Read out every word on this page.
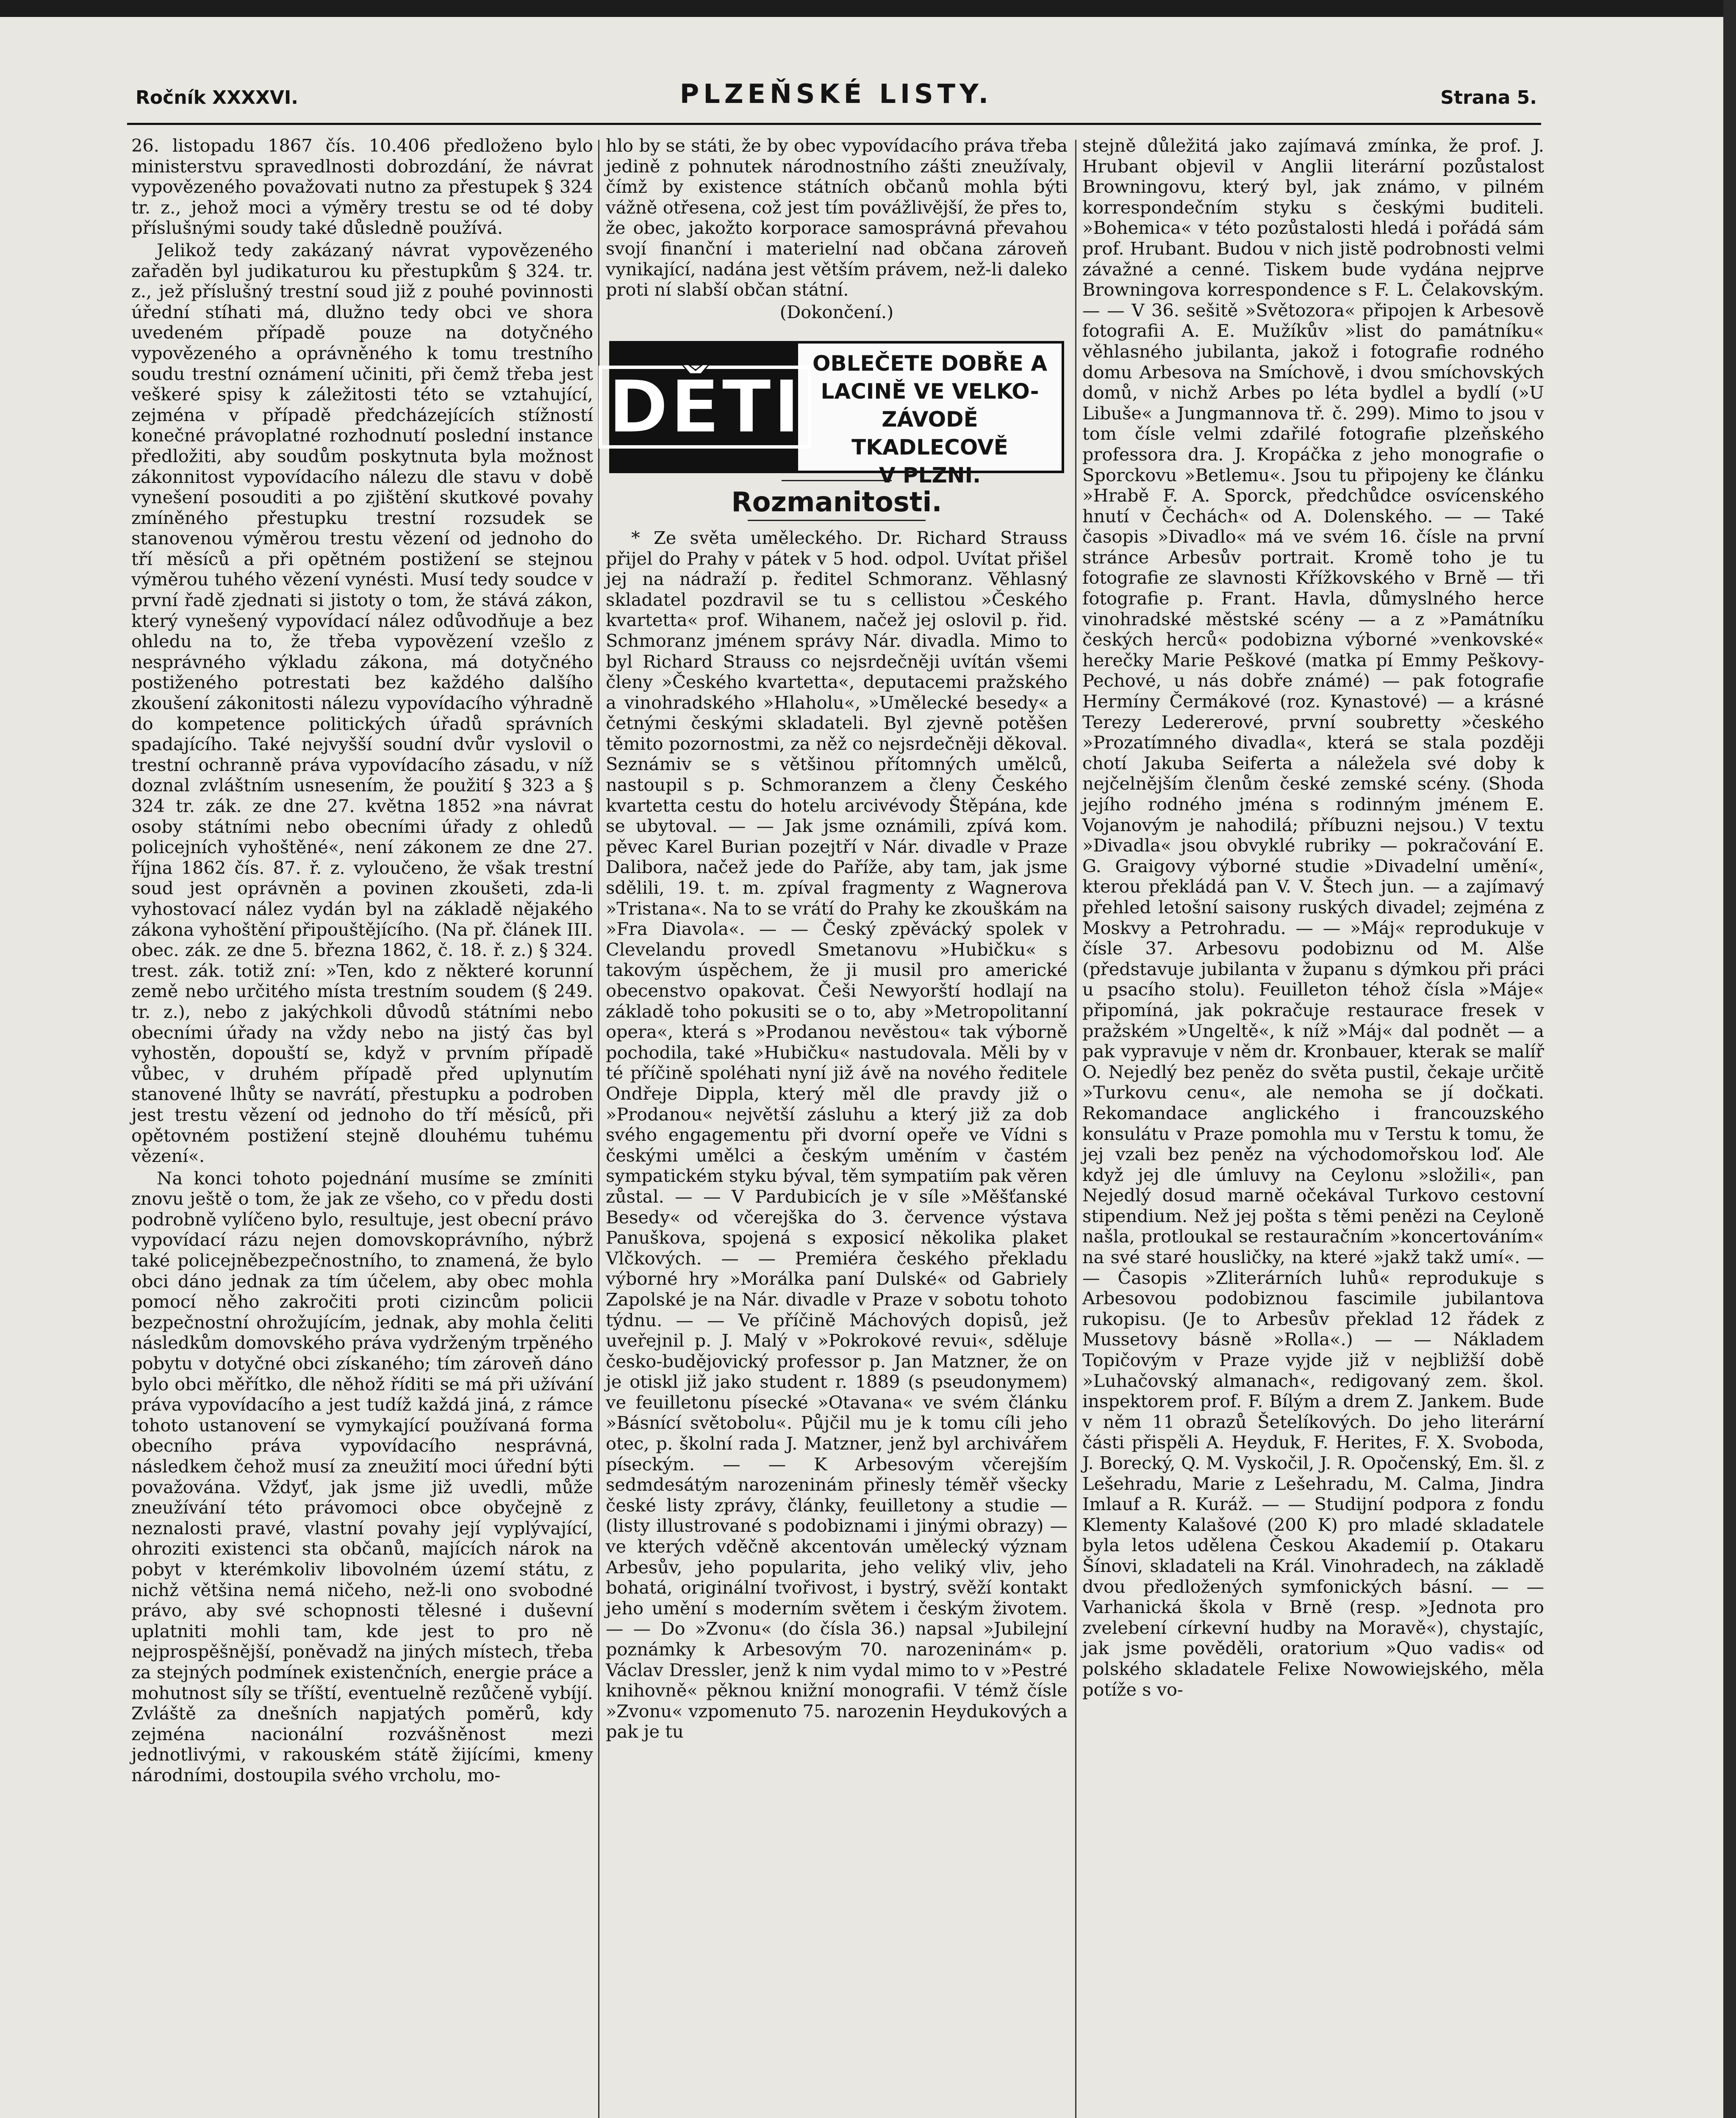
Ročník XXXXVI.	PLZEŇSKÉ LISTY.	Strana 5.

26. listopadu 1867 čís. 10.406 předloženo bylo ministerstvu spravedlnosti dobrozdání, že návrat vypovězeného považovati nutno za přestupek § 324 tr. z., jehož moci a výměry trestu se od té doby příslušnými soudy také důsledně používá.

Jelikož tedy zakázaný návrat vypovězeného zařaděn byl judikaturou ku přestupkům § 324. tr. z., jež příslušný trestní soud již z pouhé povinnosti úřední stíhati má, dlužno tedy obci ve shora uvedeném případě pouze na dotyčného vypovězeného a oprávněného k tomu trestního soudu trestní oznámení učiniti, při čemž třeba jest veškeré spisy k záležitosti této se vztahující, zejména v případě předcházejících stížností konečné právoplatné rozhodnutí poslední instance předložiti, aby soudům poskytnuta byla možnost zákonnitost vypovídacího nálezu dle stavu v době vynešení posouditi a po zjištění skutkové povahy zmíněného přestupku trestní rozsudek se stanovenou výměrou trestu vězení od jednoho do tří měsíců a při opětném postižení se stejnou výměrou tuhého vězení vynésti. Musí tedy soudce v první řadě zjednati si jistoty o tom, že stává zákon, který vynešený vypovídací nález odůvodňuje a bez ohledu na to, že třeba vypovězení vzešlo z nesprávného výkladu zákona, má dotyčného postiženého potrestati bez každého dalšího zkoušení zákonitosti nálezu vypovídacího výhradně do kompetence politických úřadů správních spadajícího. Také nejvyšší soudní dvůr vyslovil o trestní ochranně práva vypovídacího zásadu, v níž doznal zvláštním usnesením, že použití § 323 a § 324 tr. zák. ze dne 27. května 1852 »na návrat osoby státními nebo obecními úřady z ohledů policejních vyhoštěné«, není zákonem ze dne 27. října 1862 čís. 87. ř. z. vyloučeno, že však trestní soud jest oprávněn a povinen zkoušeti, zda-li vyhostovací nález vydán byl na základě nějakého zákona vyhoštění připouštějícího. (Na př. článek III. obec. zák. ze dne 5. března 1862, č. 18. ř. z.) § 324. trest. zák. totiž zní: »Ten, kdo z některé korunní země nebo určitého místa trestním soudem (§ 249. tr. z.), nebo z jakýchkoli důvodů státními nebo obecními úřady na vždy nebo na jistý čas byl vyhostěn, dopouští se, když v prvním případě vůbec, v druhém případě před uplynutím stanovené lhůty se navrátí, přestupku a podroben jest trestu vězení od jednoho do tří měsíců, při opětovném postižení stejně dlouhému tuhému vězení«.

Na konci tohoto pojednání musíme se zmíniti znovu ještě o tom, že jak ze všeho, co v předu dosti podrobně vylíčeno bylo, resultuje, jest obecní právo vypovídací rázu nejen domovskoprávního, nýbrž také policejněbezpečnostního, to znamená, že bylo obci dáno jednak za tím účelem, aby obec mohla pomocí něho zakročiti proti cizincům policii bezpečnostní ohrožujícím, jednak, aby mohla čeliti následkům domovského práva vydrženým trpěného pobytu v dotyčné obci získaného; tím zároveň dáno bylo obci měřítko, dle něhož říditi se má při užívání práva vypovídacího a jest tudíž každá jiná, z rámce tohoto ustanovení se vymykající používaná forma obecního práva vypovídacího nesprávná, následkem čehož musí za zneužití moci úřední býti považována. Vždyť, jak jsme již uvedli, může zneužívání této právomoci obce obyčejně z neznalosti pravé, vlastní povahy její vyplývající, ohroziti existenci sta občanů, majících nárok na pobyt v kterémkoliv libovolném území státu, z nichž většina nemá ničeho, než-li ono svobodné právo, aby své schopnosti tělesné i duševní uplatniti mohli tam, kde jest to pro ně nejprospěšnější, poněvadž na jiných místech, třeba za stejných podmínek existenčních, energie práce a mohutnost síly se tříští, eventuelně rezůčeně vybíjí. Zvláště za dnešních napjatých poměrů, kdy zejména nacionální rozvášněnost mezi jednotlivými, v rakouském státě žijícími, kmeny národními, dostoupila svého vrcholu, mo-

hlo by se státi, že by obec vypovídacího práva třeba jedině z pohnutek národnostního zášti zneužívaly, čímž by existence státních občanů mohla býti vážně otřesena, což jest tím povážlivější, že přes to, že obec, jakožto korporace samosprávná převahou svojí finanční i materielní nad občana zároveň vynikající, nadána jest větším právem, než-li daleko proti ní slabší občan státní.

(Dokončení.)

DĚTI
OBLEČETE DOBŘE A
LACINĚ VE VELKO-
ZÁVODĚ TKADLECOVĚ
V PLZNI.
Rozmanitosti.

* Ze světa uměleckého. Dr. Richard Strauss přijel do Prahy v pátek v 5 hod. odpol. Uvítat přišel jej na nádraží p. ředitel Schmoranz. Věhlasný skladatel pozdravil se tu s cellistou »Českého kvartetta« prof. Wihanem, načež jej oslovil p. řid. Schmoranz jménem správy Nár. divadla. Mimo to byl Richard Strauss co nejsrdečněji uvítán všemi členy »Českého kvartetta«, deputacemi pražského a vinohradského »Hlaholu«, »Umělecké besedy« a četnými českými skladateli. Byl zjevně potěšen těmito pozornostmi, za něž co nejsrdečněji děkoval. Seznámiv se s většinou přítomných umělců, nastoupil s p. Schmoranzem a členy Českého kvartetta cestu do hotelu arcivévody Štěpána, kde se ubytoval. — — Jak jsme oznámili, zpívá kom. pěvec Karel Burian pozejtří v Nár. divadle v Praze Dalibora, načež jede do Paříže, aby tam, jak jsme sdělili, 19. t. m. zpíval fragmenty z Wagnerova »Tristana«. Na to se vrátí do Prahy ke zkouškám na »Fra Diavola«. — — Český zpěvácký spolek v Clevelandu provedl Smetanovu »Hubičku« s takovým úspěchem, že ji musil pro americké obecenstvo opakovat. Češi Newyorští hodlají na základě toho pokusiti se o to, aby »Metropolitanní opera«, která s »Prodanou nevěstou« tak výborně pochodila, také »Hubičku« nastudovala. Měli by v té příčině spoléhati nyní již ávě na nového ředitele Ondřeje Dippla, který měl dle pravdy již o »Prodanou« největší zásluhu a který již za dob svého engagementu při dvorní opeře ve Vídni s českými umělci a českým uměním v častém sympatickém styku býval, těm sympatiím pak věren zůstal. — — V Pardubicích je v síle »Měšťanské Besedy« od včerejška do 3. července výstava Panuškova, spojená s exposicí několika plaket Vlčkových. — — Premiéra českého překladu výborné hry »Morálka paní Dulské« od Gabriely Zapolské je na Nár. divadle v Praze v sobotu tohoto týdnu. — — Ve příčině Máchových dopisů, jež uveřejnil p. J. Malý v »Pokrokové revui«, sděluje česko-budějovický professor p. Jan Matzner, že on je otiskl již jako student r. 1889 (s pseudonymem) ve feuilletonu písecké »Otavana« ve svém článku »Básnící světobolu«. Půjčil mu je k tomu cíli jeho otec, p. školní rada J. Matzner, jenž byl archivářem píseckým. — — K Arbesovým včerejším sedmdesátým narozeninám přinesly téměř všecky české listy zprávy, články, feuilletony a studie — (listy illustrované s podobiznami i jinými obrazy) — ve kterých vděčně akcentován umělecký význam Arbesův, jeho popularita, jeho veliký vliv, jeho bohatá, originální tvořivost, i bystrý, svěží kontakt jeho umění s moderním světem i českým životem. — — Do »Zvonu« (do čísla 36.) napsal »Jubilejní poznámky k Arbesovým 70. narozeninám« p. Václav Dressler, jenž k nim vydal mimo to v »Pestré knihovně« pěknou knižní monografii. V témž čísle »Zvonu« vzpomenuto 75. narozenin Heydukových a pak je tu

stejně důležitá jako zajímavá zmínka, že prof. J. Hrubant objevil v Anglii literární pozůstalost Browningovu, který byl, jak známo, v pilném korrespondečním styku s českými buditeli. »Bohemica« v této pozůstalosti hledá i pořádá sám prof. Hrubant. Budou v nich jistě podrobnosti velmi závažné a cenné. Tiskem bude vydána nejprve Browningova korrespondence s F. L. Čelakovským. — — V 36. sešitě »Světozora« připojen k Arbesově fotografii A. E. Mužíkův »list do památníku« věhlasného jubilanta, jakož i fotografie rodného domu Arbesova na Smíchově, i dvou smíchovských domů, v nichž Arbes po léta bydlel a bydlí (»U Libuše« a Jungmannova tř. č. 299). Mimo to jsou v tom čísle velmi zdařilé fotografie plzeňského professora dra. J. Kropáčka z jeho monografie o Sporckovu »Betlemu«. Jsou tu připojeny ke článku »Hrabě F. A. Sporck, předchůdce osvícenského hnutí v Čechách« od A. Dolenského. — — Také časopis »Divadlo« má ve svém 16. čísle na první stránce Arbesův portrait. Kromě toho je tu fotografie ze slavnosti Křížkovského v Brně — tři fotografie p. Frant. Havla, důmyslného herce vinohradské městské scény — a z »Památníku českých herců« podobizna výborné »venkovské« herečky Marie Peškové (matka pí Emmy Peškovy-Pechové, u nás dobře známé) — pak fotografie Hermíny Čermákové (roz. Kynastové) — a krásné Terezy Ledererové, první soubretty »českého »Prozatímného divadla«, která se stala později chotí Jakuba Seiferta a náležela své doby k nejčelnějším členům české zemské scény. (Shoda jejího rodného jména s rodinným jménem E. Vojanovým je nahodilá; příbuzni nejsou.) V textu »Divadla« jsou obvyklé rubriky — pokračování E. G. Graigovy výborné studie »Divadelní umění«, kterou překládá pan V. V. Štech jun. — a zajímavý přehled letošní saisony ruských divadel; zejména z Moskvy a Petrohradu. — — »Máj« reprodukuje v čísle 37. Arbesovu podobiznu od M. Alše (představuje jubilanta v županu s dýmkou při práci u psacího stolu). Feuilleton téhož čísla »Máje« připomíná, jak pokračuje restaurace fresek v pražském »Ungeltě«, k níž »Máj« dal podnět — a pak vypravuje v něm dr. Kronbauer, kterak se malíř O. Nejedlý bez peněz do světa pustil, čekaje určitě »Turkovu cenu«, ale nemoha se jí dočkati. Rekomandace anglického i francouzského konsulátu v Praze pomohla mu v Terstu k tomu, že jej vzali bez peněz na východomořskou loď. Ale když jej dle úmluvy na Ceylonu »složili«, pan Nejedlý dosud marně očekával Turkovo cestovní stipendium. Než jej pošta s těmi penězi na Ceyloně našla, protloukal se restauračním »koncertováním« na své staré housličky, na které »jakž takž umí«. — — Časopis »Zliterárních luhů« reprodukuje s Arbesovou podobiznou fascimile jubilantova rukopisu. (Je to Arbesův překlad 12 řádek z Mussetovy básně »Rolla«.) — — Nákladem Topičovým v Praze vyjde již v nejbližší době »Luhačovský almanach«, redigovaný zem. škol. inspektorem prof. F. Bílým a drem Z. Jankem. Bude v něm 11 obrazů Šetelíkových. Do jeho literární části přispěli A. Heyduk, F. Herites, F. X. Svoboda, J. Borecký, Q. M. Vyskočil, J. R. Opočenský, Em. šl. z Lešehradu, Marie z Lešehradu, M. Calma, Jindra Imlauf a R. Kuráž. — — Studijní podpora z fondu Klementy Kalašové (200 K) pro mladé skladatele byla letos udělena Českou Akademií p. Otakaru Šínovi, skladateli na Král. Vinohradech, na základě dvou předložených symfonických básní. — — Varhanická škola v Brně (resp. »Jednota pro zvelebení církevní hudby na Moravě«), chystajíc, jak jsme pověděli, oratorium »Quo vadis« od polského skladatele Felixe Nowowiejského, měla potíže s vo-
